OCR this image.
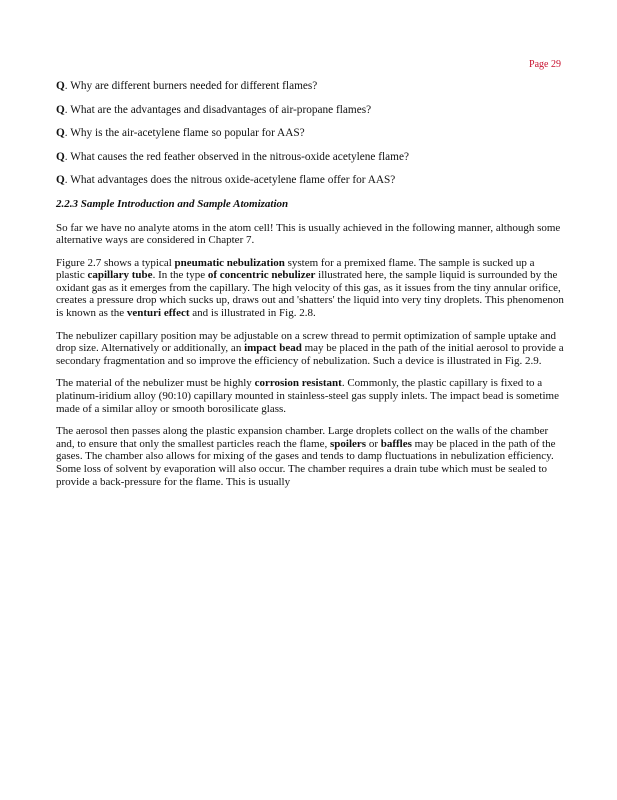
Page 29

Q. Why are different burners needed for different flames?

Q. What are the advantages and disadvantages of air-propane flames?

Q. Why is the air-acetylene flame so popular for AAS?

Q. What causes the red feather observed in the nitrous-oxide acetylene flame?

Q. What advantages does the nitrous oxide-acetylene flame offer for AAS?

2.2.3 Sample Introduction and Sample Atomization

So far we have no analyte atoms in the atom cell! This is usually achieved in the following manner, although some alternative ways are considered in Chapter 7.

Figure 2.7 shows a typical pneumatic nebulization system for a premixed flame. The sample is sucked up a plastic capillary tube. In the type of concentric nebulizer illustrated here, the sample liquid is surrounded by the oxidant gas as it emerges from the capillary. The high velocity of this gas, as it issues from the tiny annular orifice, creates a pressure drop which sucks up, draws out and 'shatters' the liquid into very tiny droplets. This phenomenon is known as the venturi effect and is illustrated in Fig. 2.8.

The nebulizer capillary position may be adjustable on a screw thread to permit optimization of sample uptake and drop size. Alternatively or additionally, an impact bead may be placed in the path of the initial aerosol to provide a secondary fragmentation and so improve the efficiency of nebulization. Such a device is illustrated in Fig. 2.9.

The material of the nebulizer must be highly corrosion resistant. Commonly, the plastic capillary is fixed to a platinum-iridium alloy (90:10) capillary mounted in stainless-steel gas supply inlets. The impact bead is sometime made of a similar alloy or smooth borosilicate glass.

The aerosol then passes along the plastic expansion chamber. Large droplets collect on the walls of the chamber and, to ensure that only the smallest particles reach the flame, spoilers or baffles may be placed in the path of the gases. The chamber also allows for mixing of the gases and tends to damp fluctuations in nebulization efficiency. Some loss of solvent by evaporation will also occur. The chamber requires a drain tube which must be sealed to provide a back-pressure for the flame. This is usually
